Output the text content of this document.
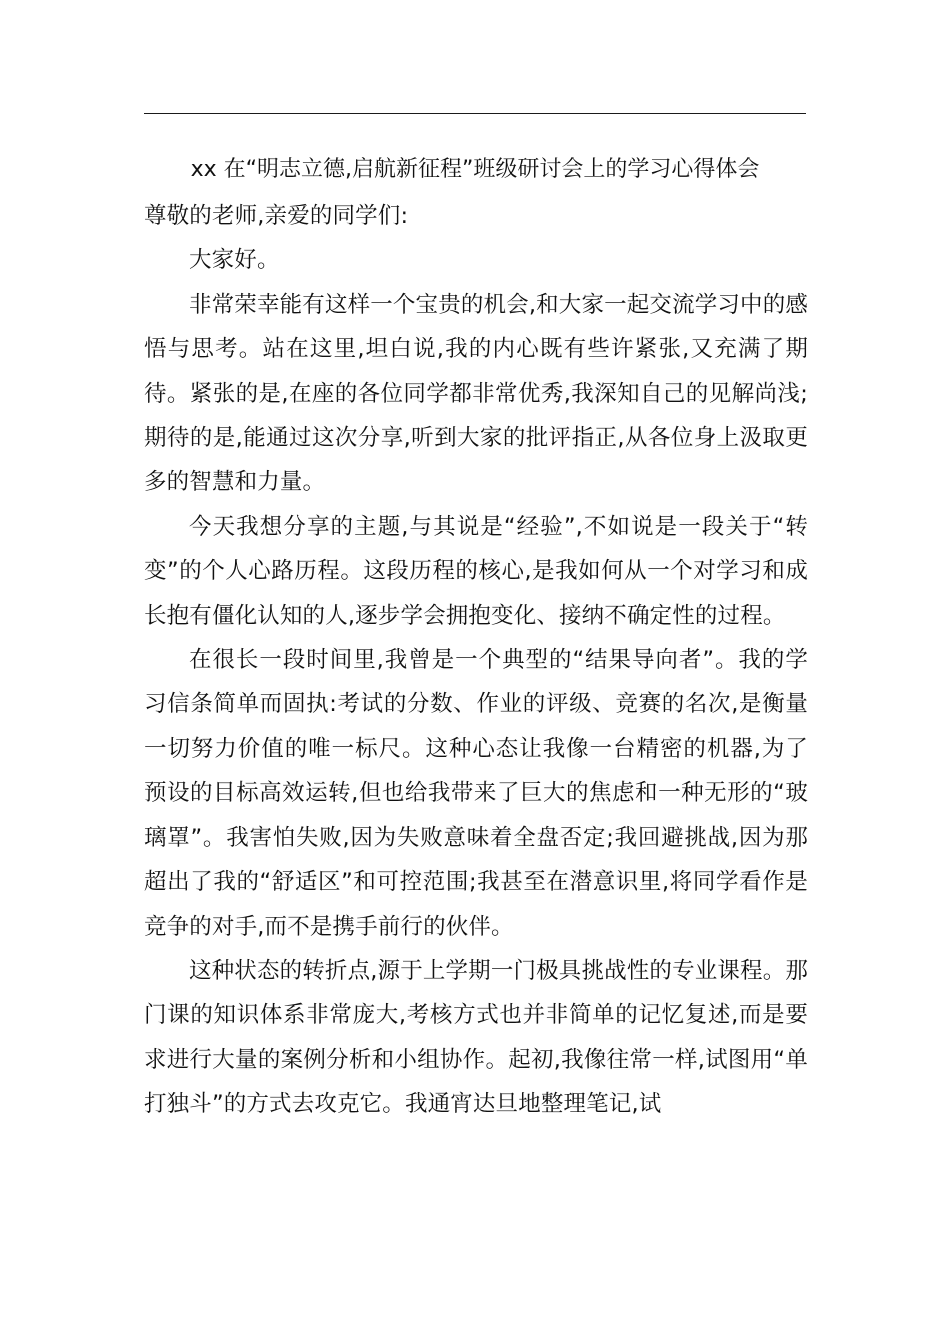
xx 在“明志立德,启航新征程”班级研讨会上的学习心得体会

尊敬的老师,亲爱的同学们:

大家好。

非常荣幸能有这样一个宝贵的机会,和大家一起交流学习中的感悟与思考。站在这里,坦白说,我的内心既有些许紧张,又充满了期待。紧张的是,在座的各位同学都非常优秀,我深知自己的见解尚浅;期待的是,能通过这次分享,听到大家的批评指正,从各位身上汲取更多的智慧和力量。

今天我想分享的主题,与其说是“经验”,不如说是一段关于“转变”的个人心路历程。这段历程的核心,是我如何从一个对学习和成长抱有僵化认知的人,逐步学会拥抱变化、接纳不确定性的过程。

在很长一段时间里,我曾是一个典型的“结果导向者”。我的学习信条简单而固执:考试的分数、作业的评级、竞赛的名次,是衡量一切努力价值的唯一标尺。这种心态让我像一台精密的机器,为了预设的目标高效运转,但也给我带来了巨大的焦虑和一种无形的“玻璃罩”。我害怕失败,因为失败意味着全盘否定;我回避挑战,因为那超出了我的“舒适区”和可控范围;我甚至在潜意识里,将同学看作是竞争的对手,而不是携手前行的伙伴。

这种状态的转折点,源于上学期一门极具挑战性的专业课程。那门课的知识体系非常庞大,考核方式也并非简单的记忆复述,而是要求进行大量的案例分析和小组协作。起初,我像往常一样,试图用“单打独斗”的方式去攻克它。我通宵达旦地整理笔记,试
